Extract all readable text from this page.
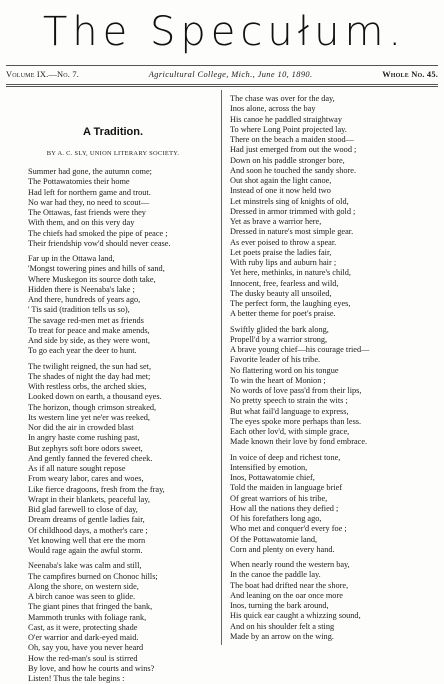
The Specułum.
Volume IX.—No. 7.	Agricultural College, Mich., June 10, 1890.	Whole No. 45.
A Tradition.
BY A. C. SLY, UNION LITERARY SOCIETY.
Summer had gone, the autumn come;
The Pottawatomies their home
Had left for northern game and trout.
No war had they, no need to scout—
The Ottawas, fast friends were they
With them, and on this very day
The chiefs had smoked the pipe of peace ;
Their friendship vow'd should never cease.
Far up in the Ottawa land,
'Mongst towering pines and hills of sand,
Where Muskegon its source doth take,
Hidden there is Neenaba's lake ;
And there, hundreds of years ago,
' Tis said (tradition tells us so),
The savage red-men met as friends
To treat for peace and make amends,
And side by side, as they were wont,
To go each year the deer to hunt.
The twilight reigned, the sun had set,
The shades of night the day had met;
With restless orbs, the arched skies,
Looked down on earth, a thousand eyes.
The horizon, though crimson streaked,
Its western line yet ne'er was reeked,
Nor did the air in crowded blast
In angry haste come rushing past,
But zephyrs soft bore odors sweet,
And gently fanned the fevered cheek.
As if all nature sought repose
From weary labor, cares and woes,
Like fierce dragoons, fresh from the fray,
Wrapt in their blankets, peaceful lay,
Bid glad farewell to close of day,
Dream dreams of gentle ladies fair,
Of childhood days, a mother's care ;
Yet knowing well that ere the morn
Would rage again the awful storm.
Neenaba's lake was calm and still,
The campfires burned on Chonoc hills;
Along the shore, on western side,
A birch canoe was seen to glide.
The giant pines that fringed the bank,
Mammoth trunks with foliage rank,
Cast, as it were, protecting shade
O'er warrior and dark-eyed maid.
Oh, say you, have you never heard
How the red-man's soul is stirred
By love, and how he courts and wins?
Listen! Thus the tale begins :
The chase was over for the day,
Inos alone, across the bay
His canoe he paddled straightway
To where Long Point projected lay.
There on the beach a maiden stood—
Had just emerged from out the wood ;
Down on his paddle stronger bore,
And soon he touched the sandy shore.
Out shot again the light canoe,
Instead of one it now held two
Let minstrels sing of knights of old,
Dressed in armor trimmed with gold ;
Yet as brave a warrior here,
Dressed in nature's most simple gear.
As ever poised to throw a spear.
Let poets praise the ladies fair,
With ruby lips and auburn hair ;
Yet here, methinks, in nature's child,
Innocent, free, fearless and wild,
The dusky beauty all unsoiled,
The perfect form, the laughing eyes,
A better theme for poet's praise.
Swiftly glided the bark along,
Propell'd by a warrior strong,
A brave young chief—his courage tried—
Favorite leader of his tribe.
No flattering word on his tongue
To win the heart of Monion ;
No words of love pass'd from their lips,
No pretty speech to strain the wits ;
But what fail'd language to express,
The eyes spoke more perhaps than less.
Each other lov'd, with simple grace,
Made known their love by fond embrace.
In voice of deep and richest tone,
Intensified by emotion,
Inos, Pottawatomie chief,
Told the maiden in language brief
Of great warriors of his tribe,
How all the nations they defied ;
Of his forefathers long ago,
Who met and conquer'd every foe ;
Of the Pottawatomie land,
Corn and plenty on every hand.
When nearly round the western bay,
In the canoe the paddle lay.
The boat had drifted near the shore,
And leaning on the oar once more
Inos, turning the bark around,
His quick ear caught a whizzing sound,
And on his shoulder felt a sting
Made by an arrow on the wing.
